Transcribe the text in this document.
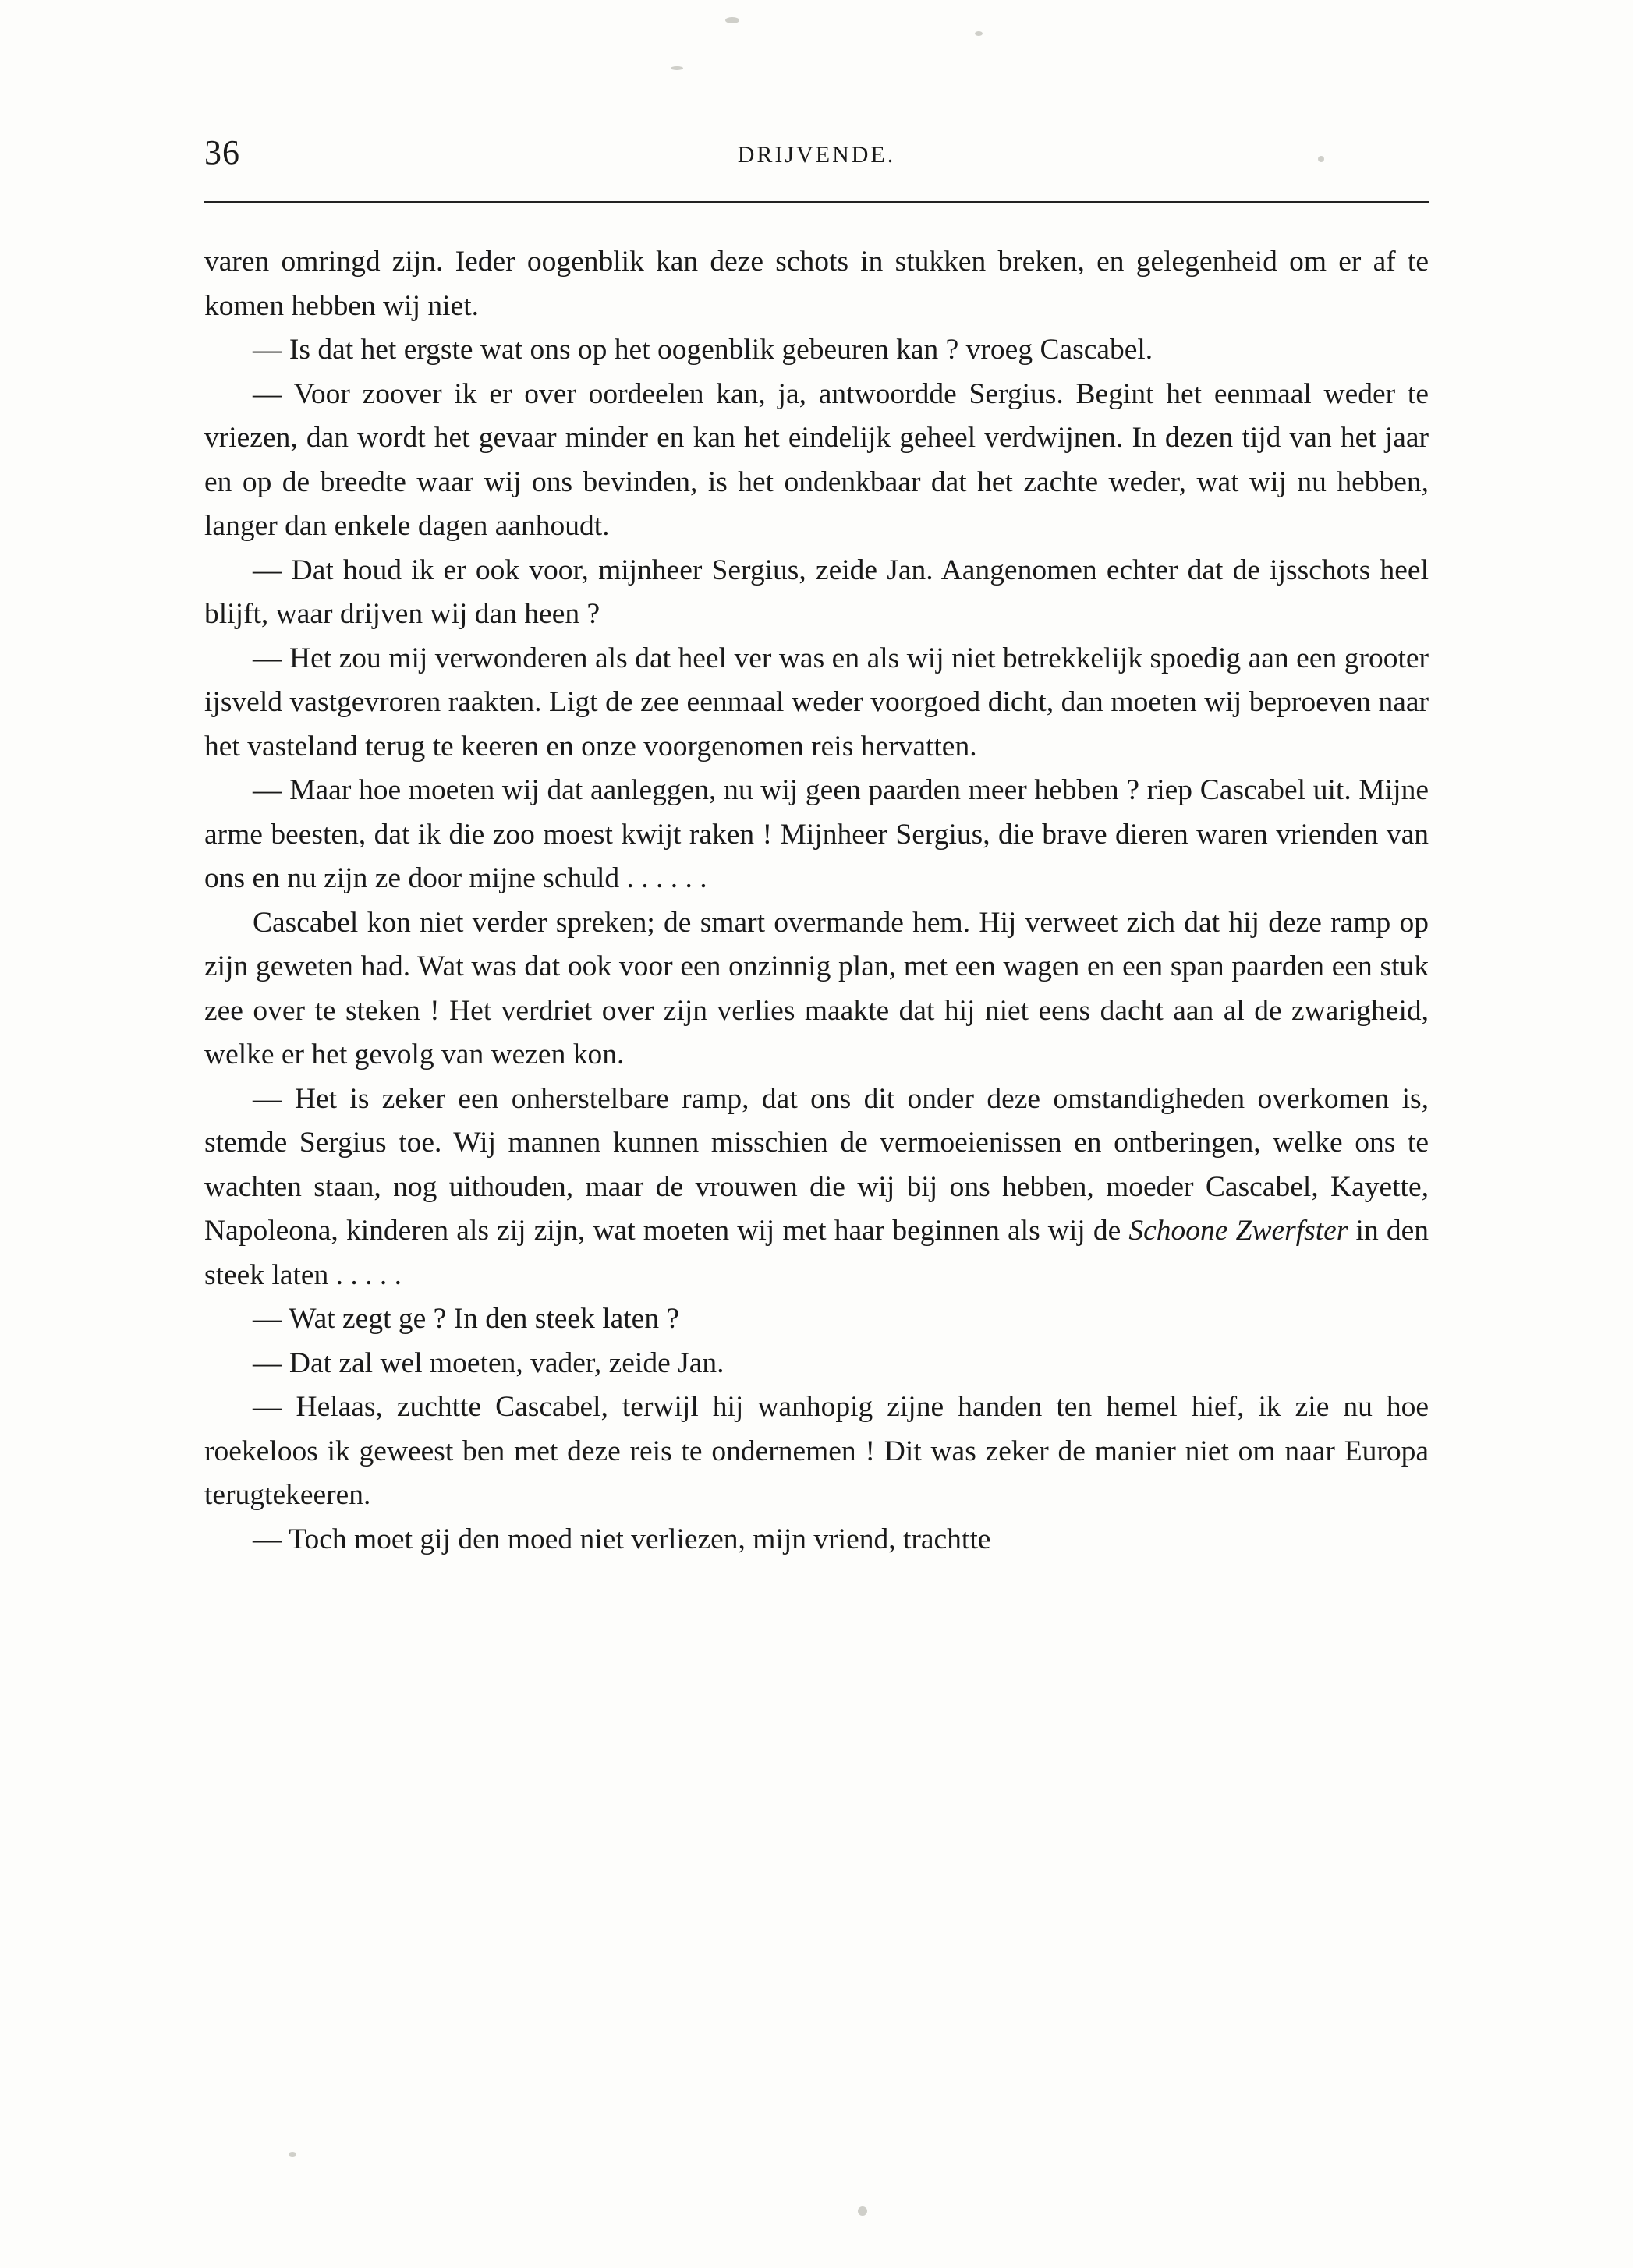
36	DRIJVENDE.

varen omringd zijn. Ieder oogenblik kan deze schots in stukken breken, en gelegenheid om er af te komen hebben wij niet.

— Is dat het ergste wat ons op het oogenblik gebeuren kan ? vroeg Cascabel.

— Voor zoover ik er over oordeelen kan, ja, antwoordde Sergius. Begint het eenmaal weder te vriezen, dan wordt het gevaar minder en kan het eindelijk geheel verdwijnen. In dezen tijd van het jaar en op de breedte waar wij ons bevinden, is het ondenkbaar dat het zachte weder, wat wij nu hebben, langer dan enkele dagen aanhoudt.

— Dat houd ik er ook voor, mijnheer Sergius, zeide Jan. Aangenomen echter dat de ijsschots heel blijft, waar drijven wij dan heen ?

— Het zou mij verwonderen als dat heel ver was en als wij niet betrekkelijk spoedig aan een grooter ijsveld vastgevroren raakten. Ligt de zee eenmaal weder voorgoed dicht, dan moeten wij beproeven naar het vasteland terug te keeren en onze voorgenomen reis hervatten.

— Maar hoe moeten wij dat aanleggen, nu wij geen paarden meer hebben ? riep Cascabel uit. Mijne arme beesten, dat ik die zoo moest kwijt raken ! Mijnheer Sergius, die brave dieren waren vrienden van ons en nu zijn ze door mijne schuld . . . . . .

Cascabel kon niet verder spreken; de smart overmande hem. Hij verweet zich dat hij deze ramp op zijn geweten had. Wat was dat ook voor een onzinnig plan, met een wagen en een span paarden een stuk zee over te steken ! Het verdriet over zijn verlies maakte dat hij niet eens dacht aan al de zwarigheid, welke er het gevolg van wezen kon.

— Het is zeker een onherstelbare ramp, dat ons dit onder deze omstandigheden overkomen is, stemde Sergius toe. Wij mannen kunnen misschien de vermoeienissen en ontberingen, welke ons te wachten staan, nog uithouden, maar de vrouwen die wij bij ons hebben, moeder Cascabel, Kayette, Napoleona, kinderen als zij zijn, wat moeten wij met haar beginnen als wij de Schoone Zwerfster in den steek laten . . . . .

— Wat zegt ge ? In den steek laten ?

— Dat zal wel moeten, vader, zeide Jan.

— Helaas, zuchtte Cascabel, terwijl hij wanhopig zijne handen ten hemel hief, ik zie nu hoe roekeloos ik geweest ben met deze reis te ondernemen ! Dit was zeker de manier niet om naar Europa terugtekeeren.

— Toch moet gij den moed niet verliezen, mijn vriend, trachtte
